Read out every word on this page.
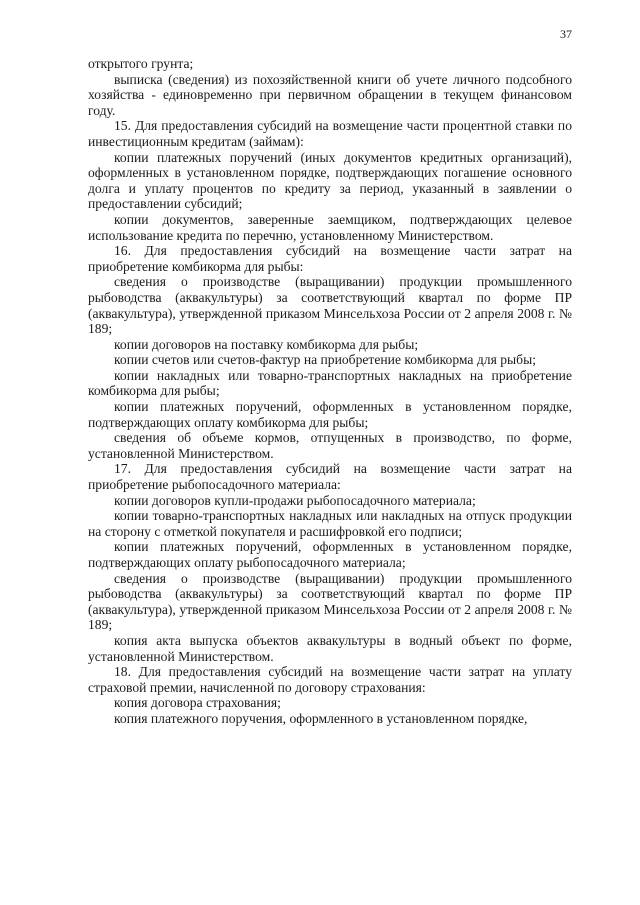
37

открытого грунта;

выписка (сведения) из похозяйственной книги об учете личного подсобного хозяйства - единовременно при первичном обращении в текущем финансовом году.

15. Для предоставления субсидий на возмещение части процентной ставки по инвестиционным кредитам (займам):

копии платежных поручений (иных документов кредитных организаций), оформленных в установленном порядке, подтверждающих погашение основного долга и уплату процентов по кредиту за период, указанный в заявлении о предоставлении субсидий;

копии документов, заверенные заемщиком, подтверждающих целевое использование кредита по перечню, установленному Министерством.

16. Для предоставления субсидий на возмещение части затрат на приобретение комбикорма для рыбы:

сведения о производстве (выращивании) продукции промышленного рыбоводства (аквакультуры) за соответствующий квартал по форме ПР (аквакультура), утвержденной приказом Минсельхоза России от 2 апреля 2008 г. № 189;

копии договоров на поставку комбикорма для рыбы;

копии счетов или счетов-фактур на приобретение комбикорма для рыбы;

копии накладных или товарно-транспортных накладных на приобретение комбикорма для рыбы;

копии платежных поручений, оформленных в установленном порядке, подтверждающих оплату комбикорма для рыбы;

сведения об объеме кормов, отпущенных в производство, по форме, установленной Министерством.

17. Для предоставления субсидий на возмещение части затрат на приобретение рыбопосадочного материала:

копии договоров купли-продажи рыбопосадочного материала;

копии товарно-транспортных накладных или накладных на отпуск продукции на сторону с отметкой покупателя и расшифровкой его подписи;

копии платежных поручений, оформленных в установленном порядке, подтверждающих оплату рыбопосадочного материала;

сведения о производстве (выращивании) продукции промышленного рыбоводства (аквакультуры) за соответствующий квартал по форме ПР (аквакультура), утвержденной приказом Минсельхоза России от 2 апреля 2008 г. № 189;

копия акта выпуска объектов аквакультуры в водный объект по форме, установленной Министерством.

18. Для предоставления субсидий на возмещение части затрат на уплату страховой премии, начисленной по договору страхования:

копия договора страхования;

копия платежного поручения, оформленного в установленном порядке,
